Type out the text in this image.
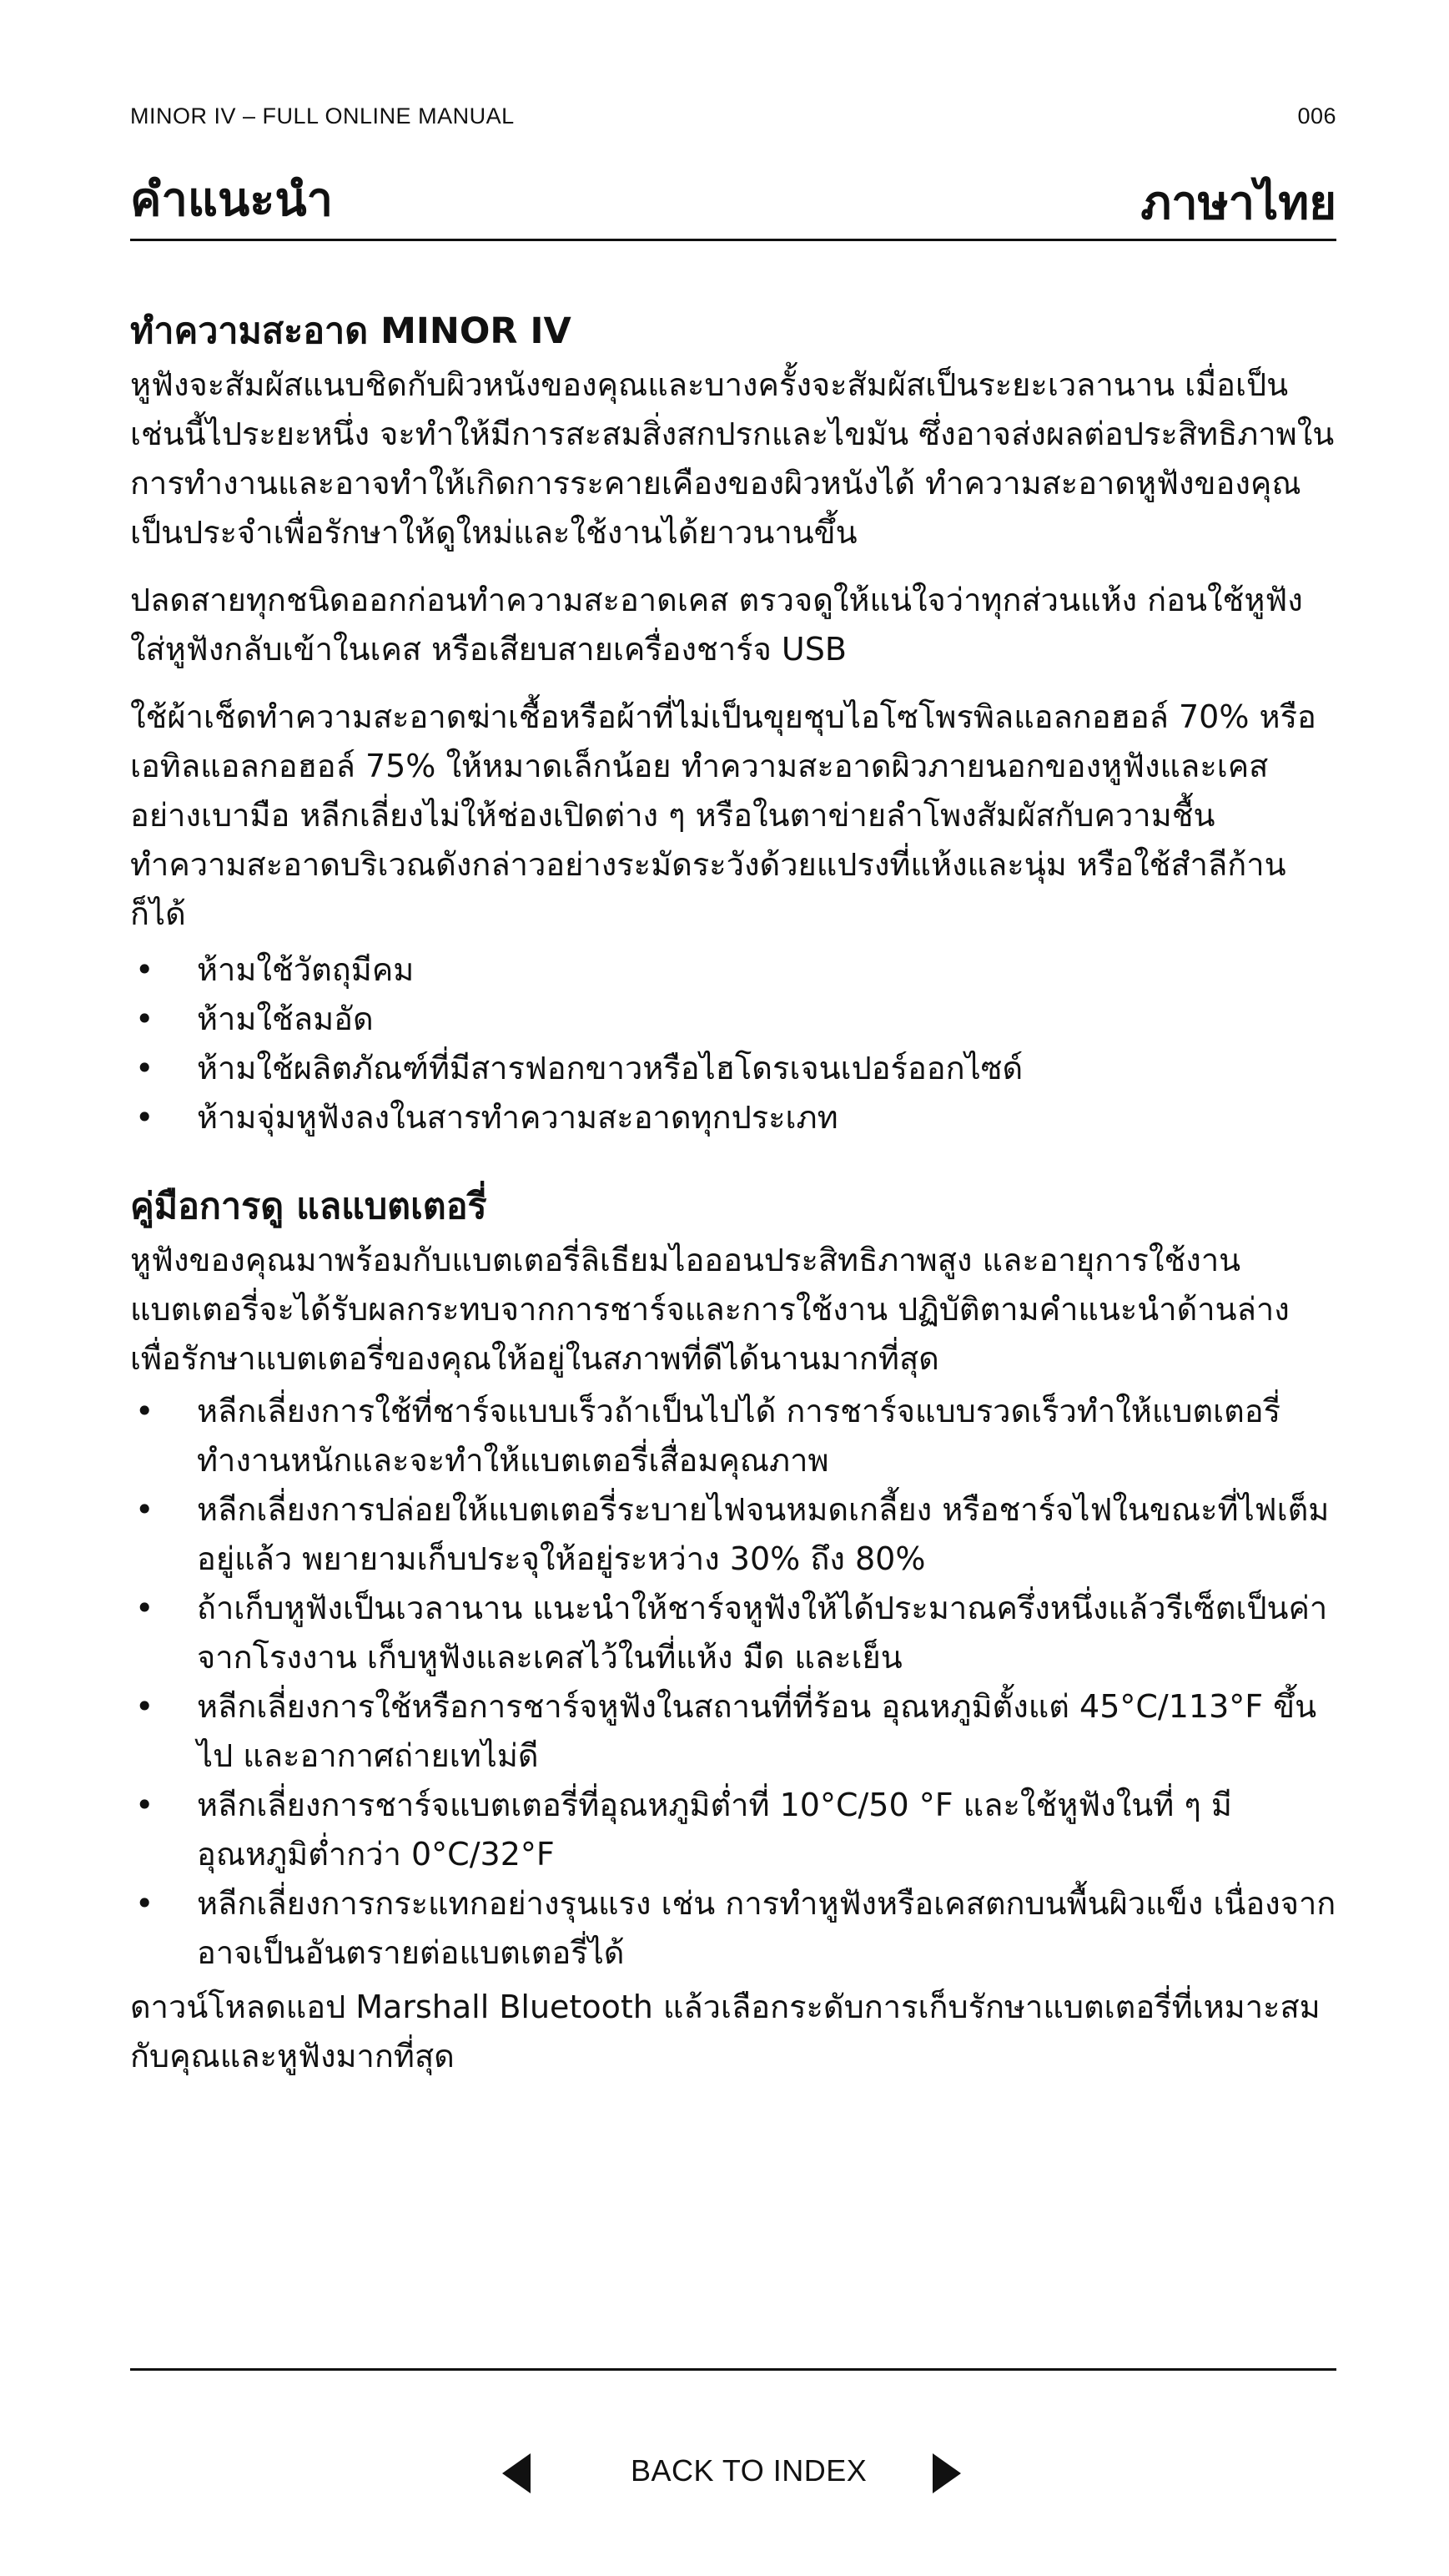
MINOR IV – FULL ONLINE MANUAL	006
คำแนะนำ	ภาษาไทย
ทำความสะอาด MINOR IV

หูฟังจะสัมผัสแนบชิดกับผิวหนังของคุณและบางครั้งจะสัมผัสเป็นระยะเวลานาน เมื่อเป็นเช่นนี้ไประยะหนึ่ง จะทำให้มีการสะสมสิ่งสกปรกและไขมัน ซึ่งอาจส่งผลต่อประสิทธิภาพในการทำงานและอาจทำให้เกิดการระคายเคืองของผิวหนังได้ ทำความสะอาดหูฟังของคุณเป็นประจำเพื่อรักษาให้ดูใหม่และใช้งานได้ยาวนานขึ้น

ปลดสายทุกชนิดออกก่อนทำความสะอาดเคส ตรวจดูให้แน่ใจว่าทุกส่วนแห้ง ก่อนใช้หูฟัง ใส่หูฟังกลับเข้าในเคส หรือเสียบสายเครื่องชาร์จ USB

ใช้ผ้าเช็ดทำความสะอาดฆ่าเชื้อหรือผ้าที่ไม่เป็นขุยชุบไอโซโพรพิลแอลกอฮอล์ 70% หรือเอทิลแอลกอฮอล์ 75% ให้หมาดเล็กน้อย ทำความสะอาดผิวภายนอกของหูฟังและเคสอย่างเบามือ หลีกเลี่ยงไม่ให้ช่องเปิดต่าง ๆ หรือในตาข่ายลำโพงสัมผัสกับความชื้น ทำความสะอาดบริเวณดังกล่าวอย่างระมัดระวังด้วยแปรงที่แห้งและนุ่ม หรือใช้สำลีก้านก็ได้

• ห้ามใช้วัตถุมีคม
• ห้ามใช้ลมอัด
• ห้ามใช้ผลิตภัณฑ์ที่มีสารฟอกขาวหรือไฮโดรเจนเปอร์ออกไซด์
• ห้ามจุ่มหูฟังลงในสารทำความสะอาดทุกประเภท
คู่มือการดู แลแบตเตอรี่

หูฟังของคุณมาพร้อมกับแบตเตอรี่ลิเธียมไอออนประสิทธิภาพสูง และอายุการใช้งานแบตเตอรี่จะได้รับผลกระทบจากการชาร์จและการใช้งาน ปฏิบัติตามคำแนะนำด้านล่างเพื่อรักษาแบตเตอรี่ของคุณให้อยู่ในสภาพที่ดีได้นานมากที่สุด

• หลีกเลี่ยงการใช้ที่ชาร์จแบบเร็วถ้าเป็นไปได้ การชาร์จแบบรวดเร็วทำให้แบตเตอรี่ทำงานหนักและจะทำให้แบตเตอรี่เสื่อมคุณภาพ
• หลีกเลี่ยงการปล่อยให้แบตเตอรี่ระบายไฟจนหมดเกลี้ยง หรือชาร์จไฟในขณะที่ไฟเต็มอยู่แล้ว พยายามเก็บประจุให้อยู่ระหว่าง 30% ถึง 80%
• ถ้าเก็บหูฟังเป็นเวลานาน แนะนำให้ชาร์จหูฟังให้ได้ประมาณครึ่งหนึ่งแล้วรีเซ็ตเป็นค่าจากโรงงาน เก็บหูฟังและเคสไว้ในที่แห้ง มืด และเย็น
• หลีกเลี่ยงการใช้หรือการชาร์จหูฟังในสถานที่ที่ร้อน อุณหภูมิตั้งแต่ 45°C/113°F ขึ้นไป และอากาศถ่ายเทไม่ดี
• หลีกเลี่ยงการชาร์จแบตเตอรี่ที่อุณหภูมิต่ำที่ 10°C/50 °F และใช้หูฟังในที่ ๆ มีอุณหภูมิต่ำกว่า 0°C/32°F
• หลีกเลี่ยงการกระแทกอย่างรุนแรง เช่น การทำหูฟังหรือเคสตกบนพื้นผิวแข็ง เนื่องจากอาจเป็นอันตรายต่อแบตเตอรี่ได้

ดาวน์โหลดแอป Marshall Bluetooth แล้วเลือกระดับการเก็บรักษาแบตเตอรี่ที่เหมาะสมกับคุณและหูฟังมากที่สุด

BACK TO INDEX
